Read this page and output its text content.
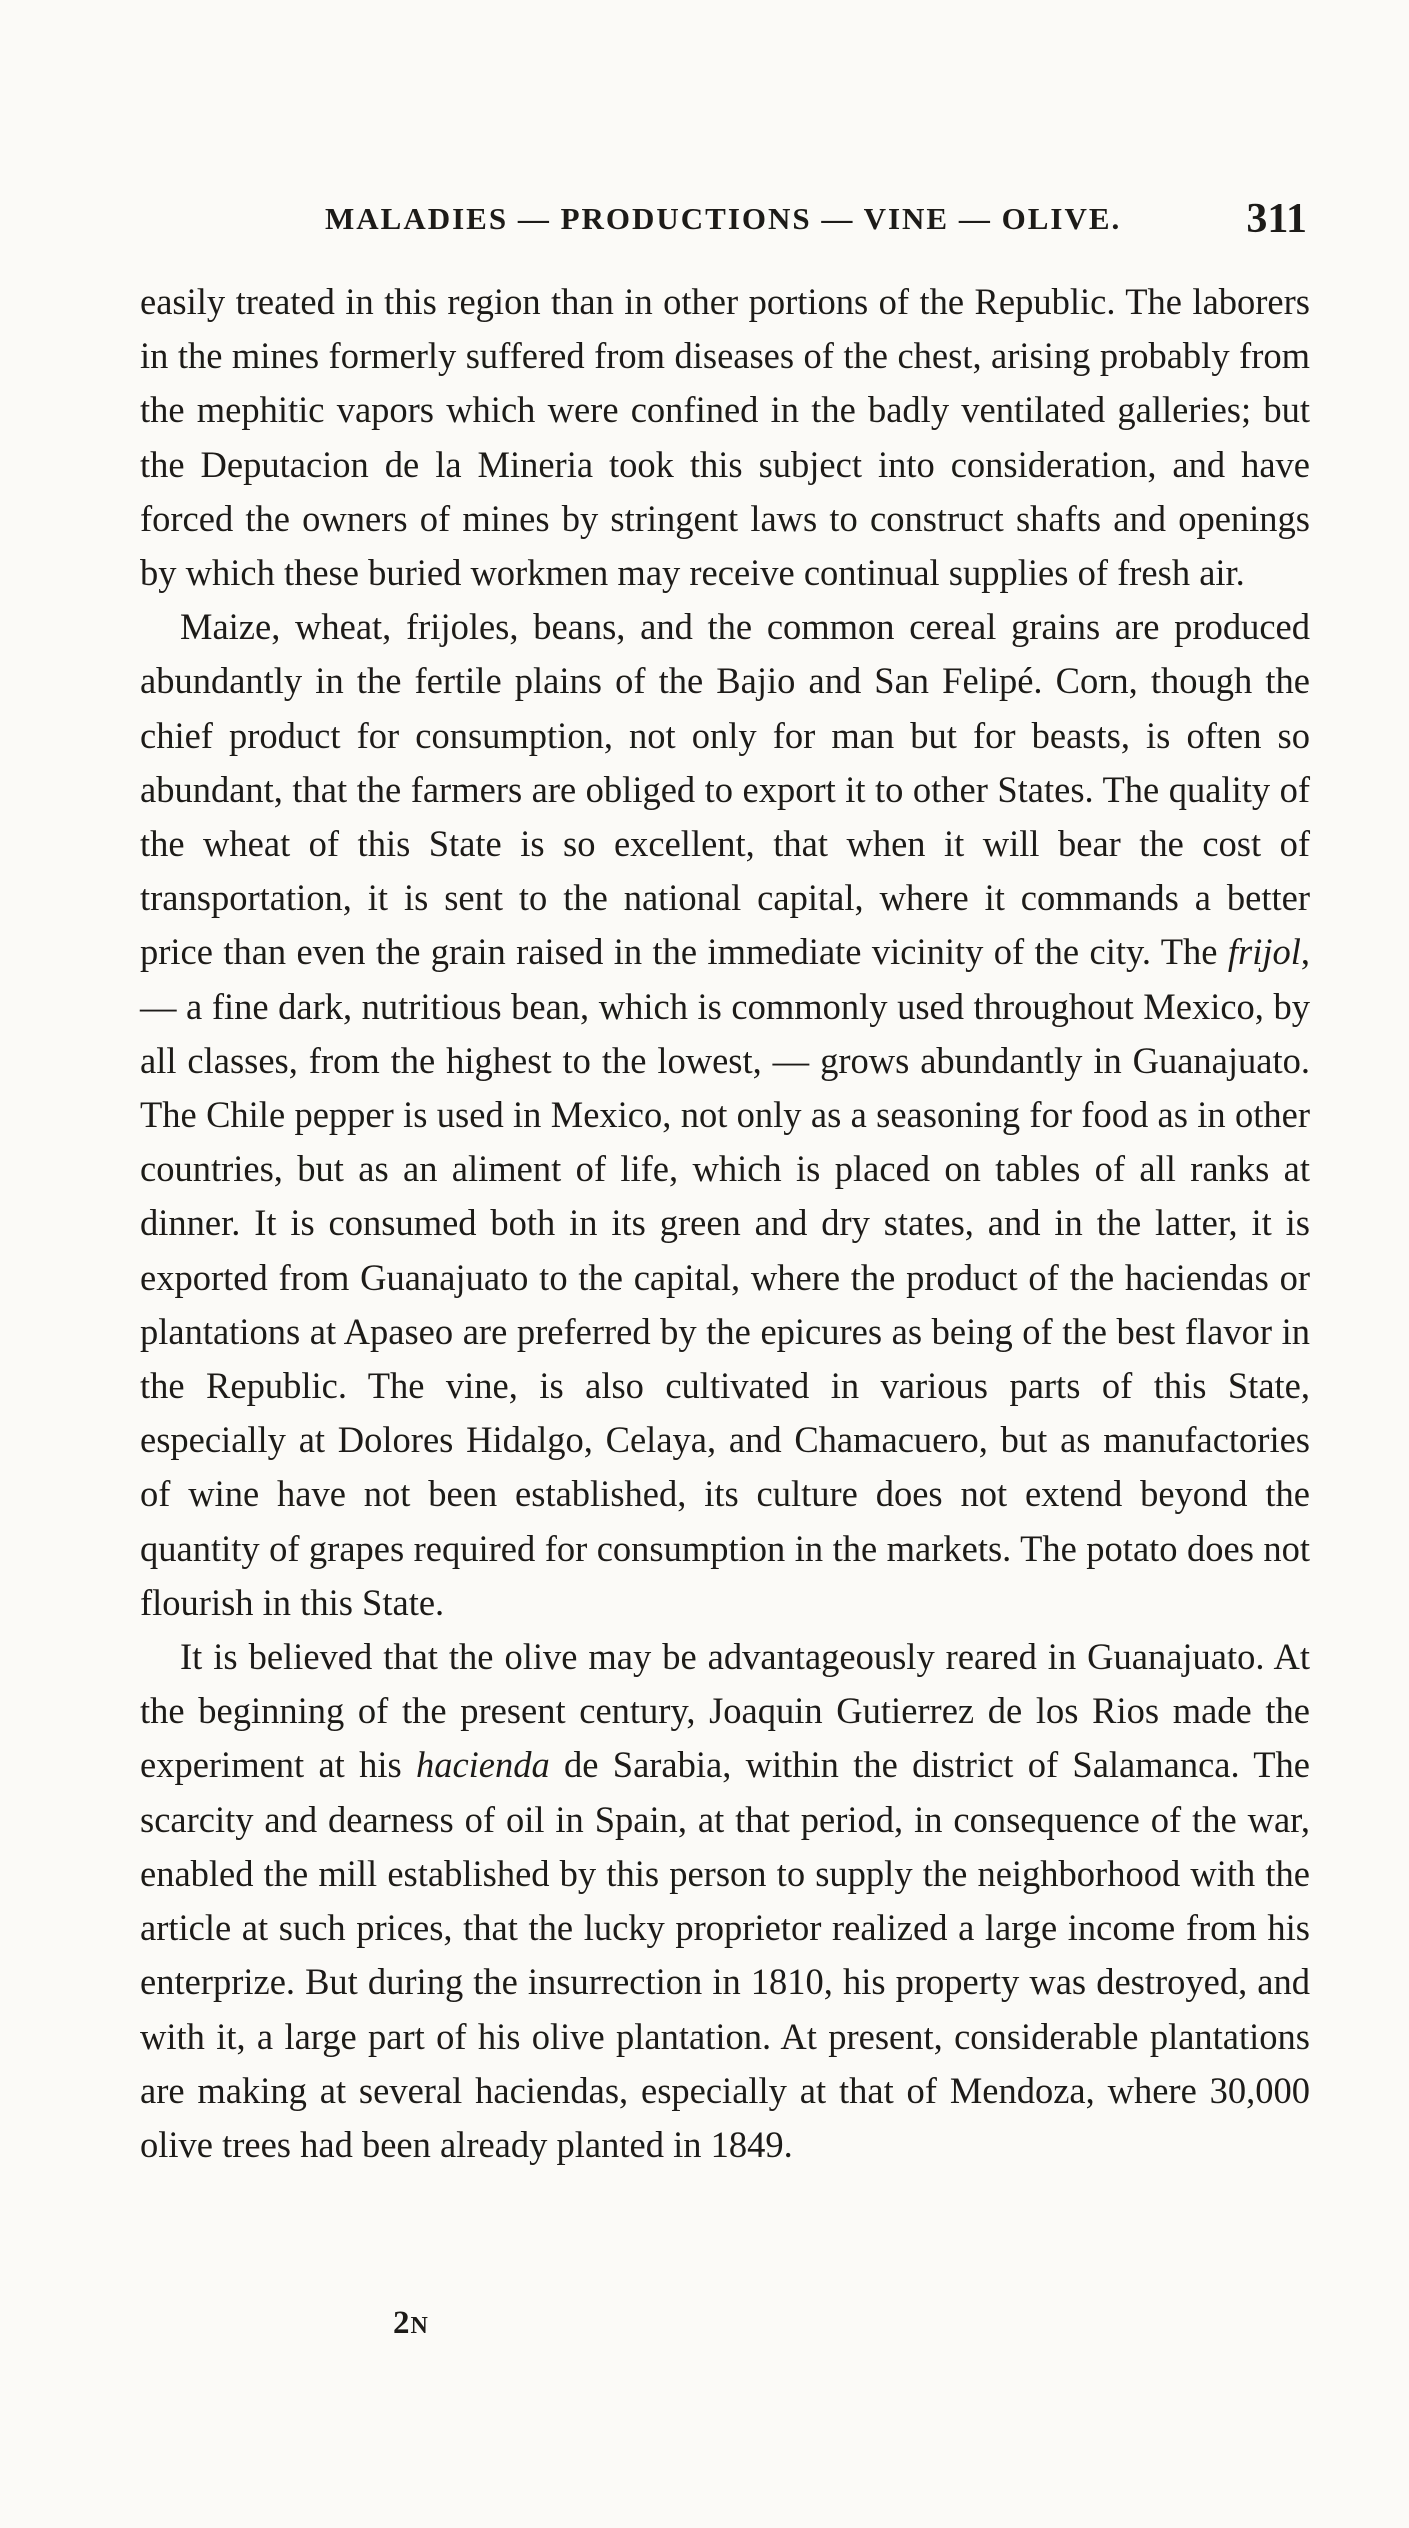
MALADIES — PRODUCTIONS — VINE — OLIVE.	311

easily treated in this region than in other portions of the Republic. The laborers in the mines formerly suffered from diseases of the chest, arising probably from the mephitic vapors which were confined in the badly ventilated galleries; but the Deputacion de la Mineria took this subject into consideration, and have forced the owners of mines by stringent laws to construct shafts and openings by which these buried workmen may receive continual supplies of fresh air.

Maize, wheat, frijoles, beans, and the common cereal grains are produced abundantly in the fertile plains of the Bajio and San Felipé. Corn, though the chief product for consumption, not only for man but for beasts, is often so abundant, that the farmers are obliged to export it to other States. The quality of the wheat of this State is so excellent, that when it will bear the cost of transportation, it is sent to the national capital, where it commands a better price than even the grain raised in the immediate vicinity of the city. The frijol, — a fine dark, nutritious bean, which is commonly used throughout Mexico, by all classes, from the highest to the lowest, — grows abundantly in Guanajuato. The Chile pepper is used in Mexico, not only as a seasoning for food as in other countries, but as an aliment of life, which is placed on tables of all ranks at dinner. It is consumed both in its green and dry states, and in the latter, it is exported from Guanajuato to the capital, where the product of the haciendas or plantations at Apaseo are preferred by the epicures as being of the best flavor in the Republic. The vine, is also cultivated in various parts of this State, especially at Dolores Hidalgo, Celaya, and Chamacuero, but as manufactories of wine have not been established, its culture does not extend beyond the quantity of grapes required for consumption in the markets. The potato does not flourish in this State.

It is believed that the olive may be advantageously reared in Guanajuato. At the beginning of the present century, Joaquin Gutierrez de los Rios made the experiment at his hacienda de Sarabia, within the district of Salamanca. The scarcity and dearness of oil in Spain, at that period, in consequence of the war, enabled the mill established by this person to supply the neighborhood with the article at such prices, that the lucky proprietor realized a large income from his enterprize. But during the insurrection in 1810, his property was destroyed, and with it, a large part of his olive plantation. At present, considerable plantations are making at several haciendas, especially at that of Mendoza, where 30,000 olive trees had been already planted in 1849.

2N
